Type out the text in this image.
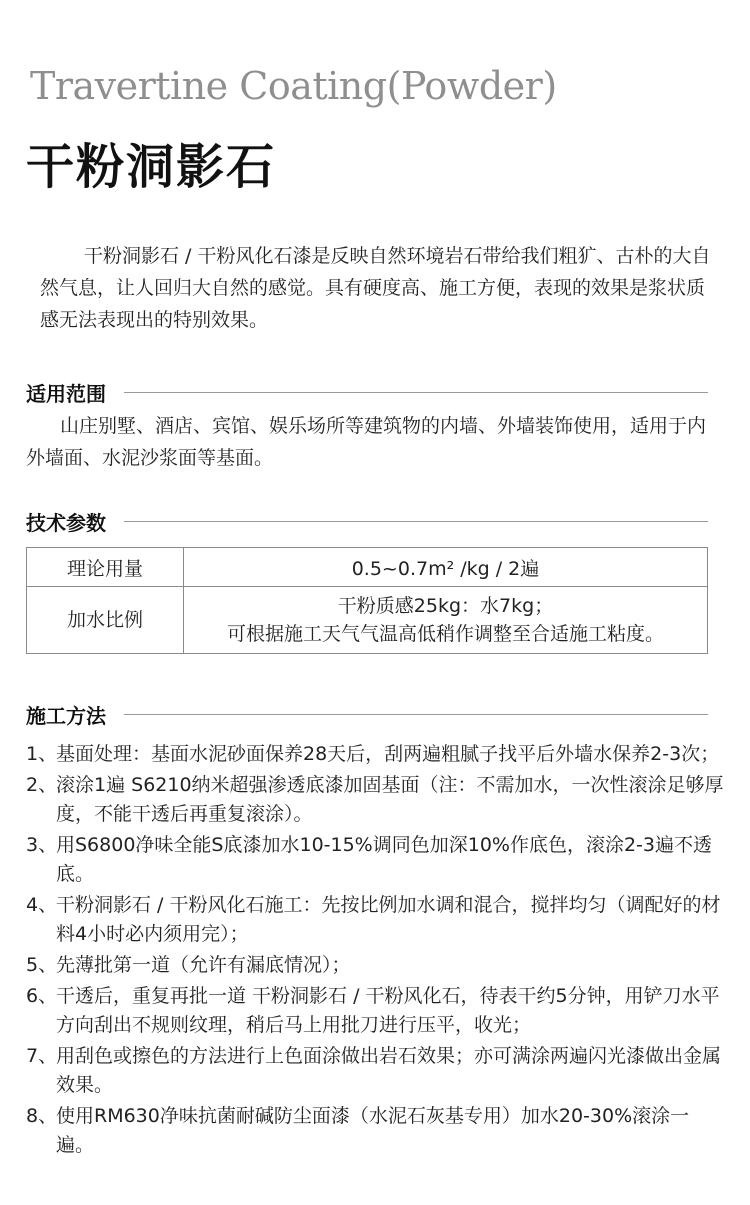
Travertine Coating(Powder)
干粉洞影石

干粉洞影石 / 干粉风化石漆是反映自然环境岩石带给我们粗犷、古朴的大自然气息，让人回归大自然的感觉。具有硬度高、施工方便，表现的效果是浆状质感无法表现出的特别效果。

适用范围

山庄别墅、酒店、宾馆、娱乐场所等建筑物的内墙、外墙装饰使用，适用于内外墙面、水泥沙浆面等基面。

技术参数
理论用量	0.5~0.7m² /kg / 2遍
加水比例	干粉质感25kg：水7kg；
可根据施工天气气温高低稍作调整至合适施工粘度。
施工方法
1、
基面处理：基面水泥砂面保养28天后，刮两遍粗腻子找平后外墙水保养2-3次；
2、
滚涂1遍 S6210纳米超强渗透底漆加固基面（注：不需加水，一次性滚涂足够厚度，不能干透后再重复滚涂）。
3、
用S6800净味全能S底漆加水10-15%调同色加深10%作底色，滚涂2-3遍不透底。
4、
干粉洞影石 / 干粉风化石施工：先按比例加水调和混合，搅拌均匀（调配好的材料4小时必内须用完）；
5、
先薄批第一道（允许有漏底情况）；
6、
干透后，重复再批一道 干粉洞影石 / 干粉风化石，待表干约5分钟，用铲刀水平方向刮出不规则纹理，稍后马上用批刀进行压平，收光；
7、
用刮色或擦色的方法进行上色面涂做出岩石效果；亦可满涂两遍闪光漆做出金属效果。
8、
使用RM630净味抗菌耐碱防尘面漆（水泥石灰基专用）加水20-30%滚涂一遍。
